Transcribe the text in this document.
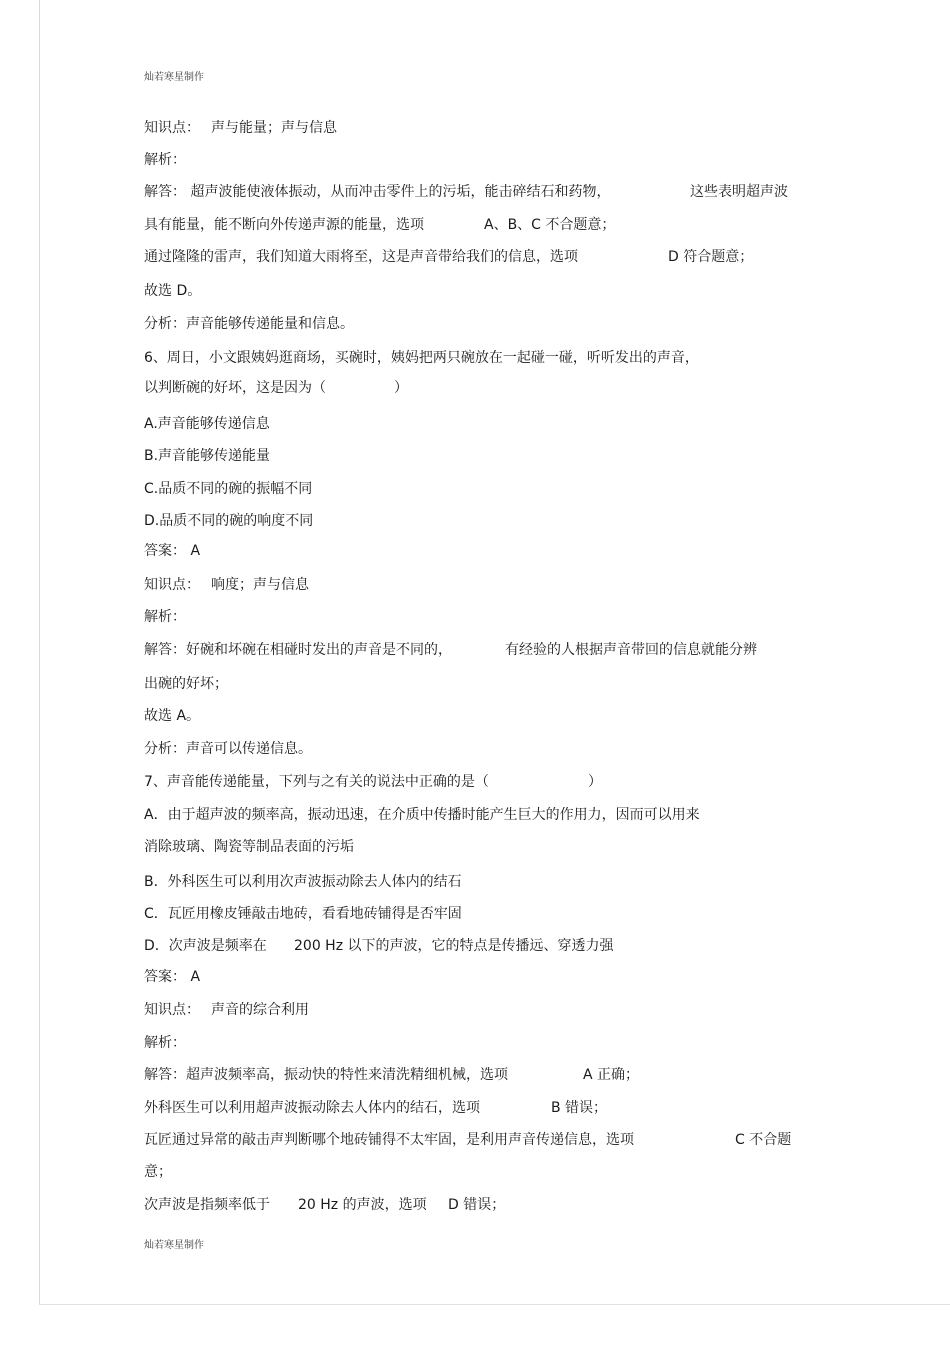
灿若寒星制作
知识点： 声与能量；声与信息
解析：
解答： 超声波能使液体振动，从而冲击零件上的污垢，能击碎结石和药物，	这些表明超声波
具有能量，能不断向外传递声源的能量，选项	A、B、C 不合题意；
通过隆隆的雷声，我们知道大雨将至，这是声音带给我们的信息，选项	D 符合题意；
故选 D。
分析：声音能够传递能量和信息。
6、周日，小文跟姨妈逛商场，买碗时，姨妈把两只碗放在一起碰一碰，听听发出的声音，
以判断碗的好坏，这是因为（	）
A.声音能够传递信息
B.声音能够传递能量
C.品质不同的碗的振幅不同
D.品质不同的碗的响度不同
答案： A
知识点： 响度；声与信息
解析：
解答：好碗和坏碗在相碰时发出的声音是不同的，	有经验的人根据声音带回的信息就能分辨
出碗的好坏；
故选 A。
分析：声音可以传递信息。
7、声音能传递能量，下列与之有关的说法中正确的是（	）
A．由于超声波的频率高，振动迅速，在介质中传播时能产生巨大的作用力，因而可以用来
消除玻璃、陶瓷等制品表面的污垢
B．外科医生可以利用次声波振动除去人体内的结石
C．瓦匠用橡皮锤敲击地砖，看看地砖铺得是否牢固
D．次声波是频率在 200 Hz 以下的声波，它的特点是传播远、穿透力强
答案： A
知识点： 声音的综合利用
解析：
解答：超声波频率高，振动快的特性来清洗精细机械，选项	A 正确；
外科医生可以利用超声波振动除去人体内的结石，选项	B 错误；
瓦匠通过异常的敲击声判断哪个地砖铺得不太牢固，是利用声音传递信息，选项	C 不合题
意；
次声波是指频率低于 20 Hz 的声波，选项 D 错误；
灿若寒星制作
